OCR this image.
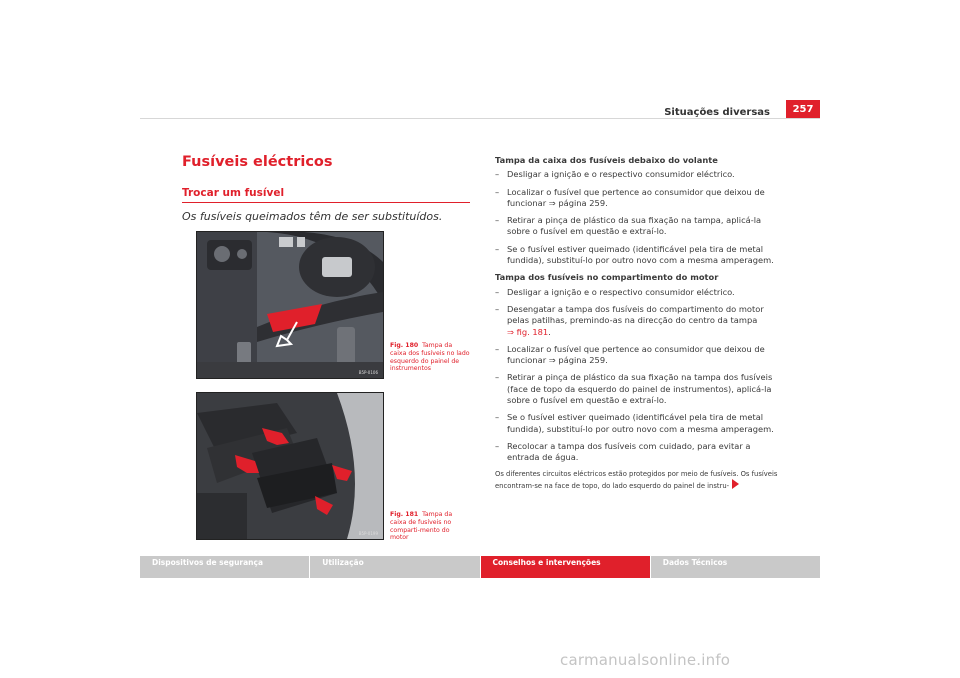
Situações diversas	257
Fusíveis eléctricos
Trocar um fusível
Os fusíveis queimados têm de ser substituídos.
B5P-0106
Fig. 180 Tampa da caixa dos fusíveis no lado esquerdo do painel de instrumentos
B5P-0199
Fig. 181 Tampa da caixa de fusíveis no comparti-mento do motor
Tampa da caixa dos fusíveis debaixo do volante
– Desligar a ignição e o respectivo consumidor eléctrico.
– Localizar o fusível que pertence ao consumidor que deixou de funcionar ⇒ página 259.
– Retirar a pinça de plástico da sua fixação na tampa, aplicá-la sobre o fusível em questão e extraí-lo.
– Se o fusível estiver queimado (identificável pela tira de metal fundida), substituí-lo por outro novo com a mesma amperagem.
Tampa dos fusíveis no compartimento do motor
– Desligar a ignição e o respectivo consumidor eléctrico.
– Desengatar a tampa dos fusíveis do compartimento do motor pelas patilhas, premindo-as na direcção do centro da tampa
⇒ fig. 181.
– Localizar o fusível que pertence ao consumidor que deixou de funcionar ⇒ página 259.
– Retirar a pinça de plástico da sua fixação na tampa dos fusíveis (face de topo da esquerdo do painel de instrumentos), aplicá-la sobre o fusível em questão e extraí-lo.
– Se o fusível estiver queimado (identificável pela tira de metal fundida), substituí-lo por outro novo com a mesma amperagem.
– Recolocar a tampa dos fusíveis com cuidado, para evitar a entrada de água.
Os diferentes circuitos eléctricos estão protegidos por meio de fusíveis. Os fusíveis encontram-se na face de topo, do lado esquerdo do painel de instru-
Dispositivos de segurança	Utilização	Conselhos e intervenções	Dados Técnicos
carmanualsonline.info
